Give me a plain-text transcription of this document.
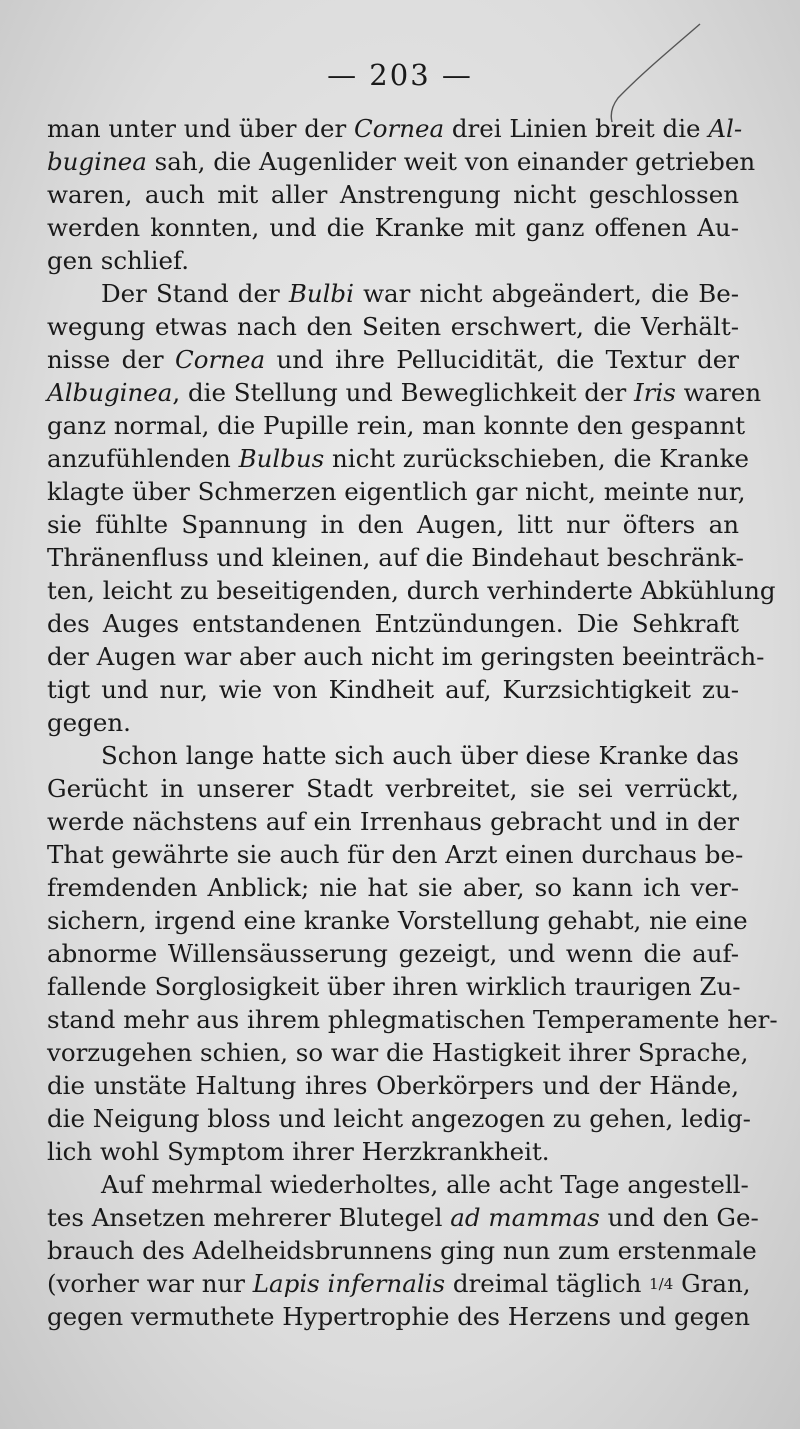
— 203 —
man unter und über der Cornea drei Linien breit die Al-
buginea sah, die Augenlider weit von einander getrieben
waren, auch mit aller Anstrengung nicht geschlossen
werden konnten, und die Kranke mit ganz offenen Au-
gen schlief.
Der Stand der Bulbi war nicht abgeändert, die Be-
wegung etwas nach den Seiten erschwert, die Verhält-
nisse der Cornea und ihre Pellucidität, die Textur der
Albuginea, die Stellung und Beweglichkeit der Iris waren
ganz normal, die Pupille rein, man konnte den gespannt
anzufühlenden Bulbus nicht zurückschieben, die Kranke
klagte über Schmerzen eigentlich gar nicht, meinte nur,
sie fühlte Spannung in den Augen, litt nur öfters an
Thränenfluss und kleinen, auf die Bindehaut beschränk-
ten, leicht zu beseitigenden, durch verhinderte Abkühlung
des Auges entstandenen Entzündungen. Die Sehkraft
der Augen war aber auch nicht im geringsten beeinträch-
tigt und nur, wie von Kindheit auf, Kurzsichtigkeit zu-
gegen.
Schon lange hatte sich auch über diese Kranke das
Gerücht in unserer Stadt verbreitet, sie sei verrückt,
werde nächstens auf ein Irrenhaus gebracht und in der
That gewährte sie auch für den Arzt einen durchaus be-
fremdenden Anblick; nie hat sie aber, so kann ich ver-
sichern, irgend eine kranke Vorstellung gehabt, nie eine
abnorme Willensäusserung gezeigt, und wenn die auf-
fallende Sorglosigkeit über ihren wirklich traurigen Zu-
stand mehr aus ihrem phlegmatischen Temperamente her-
vorzugehen schien, so war die Hastigkeit ihrer Sprache,
die unstäte Haltung ihres Oberkörpers und der Hände,
die Neigung bloss und leicht angezogen zu gehen, ledig-
lich wohl Symptom ihrer Herzkrankheit.
Auf mehrmal wiederholtes, alle acht Tage angestell-
tes Ansetzen mehrerer Blutegel ad mammas und den Ge-
brauch des Adelheidsbrunnens ging nun zum erstenmale
(vorher war nur Lapis infernalis dreimal täglich 1/4 Gran,
gegen vermuthete Hypertrophie des Herzens und gegen
